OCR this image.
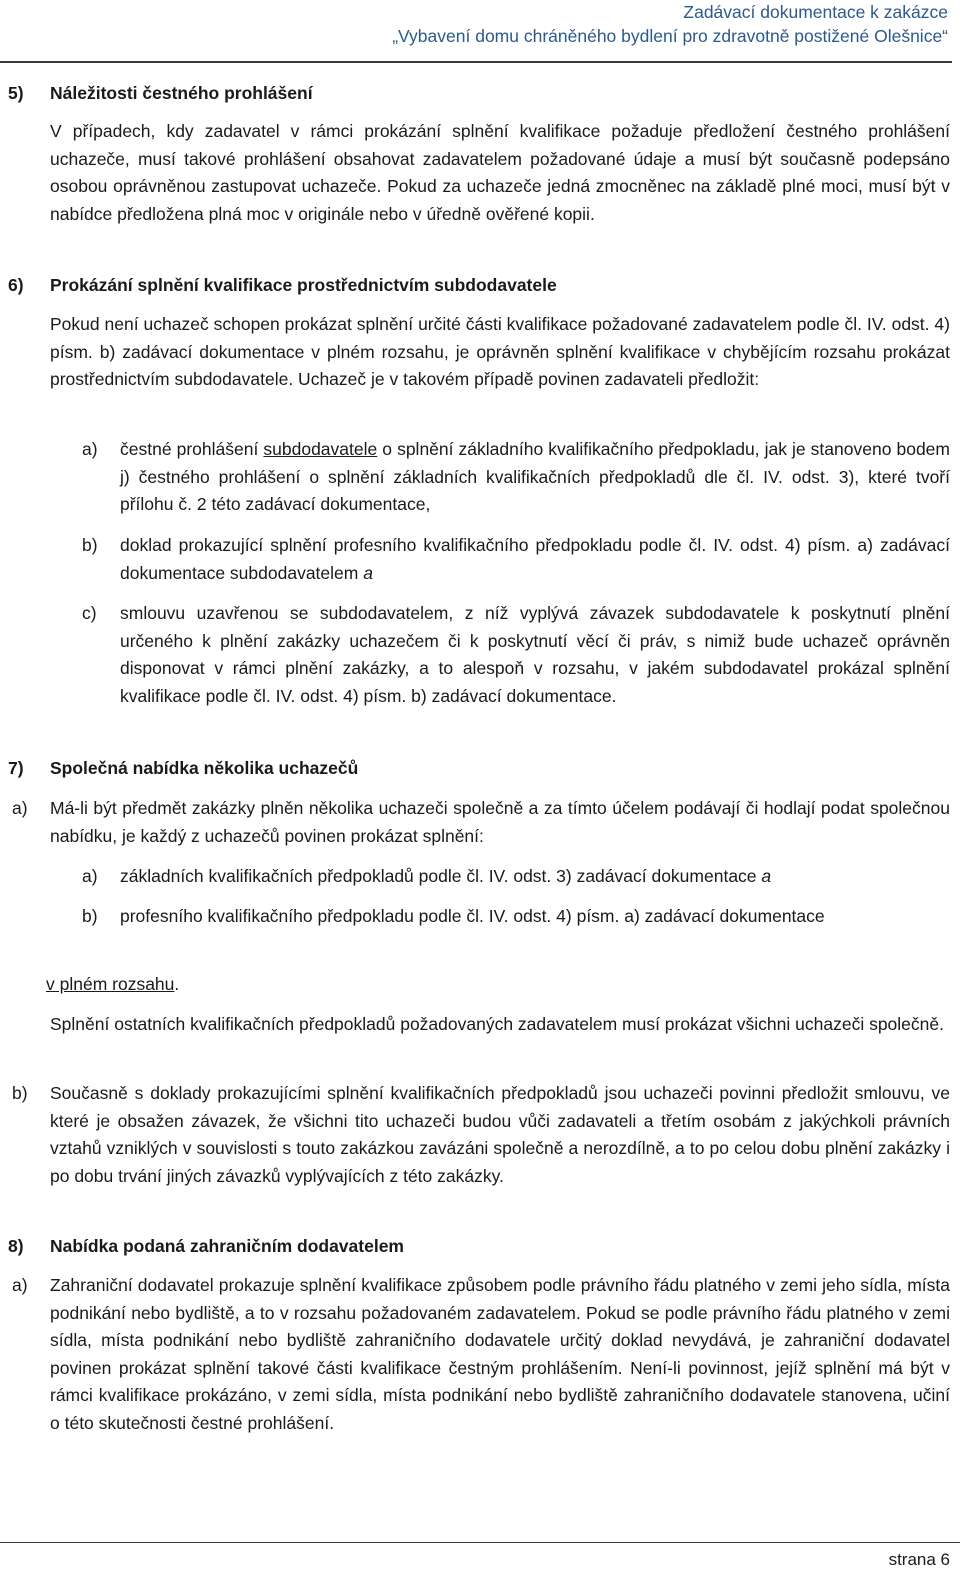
Zadávací dokumentace k zakázce
„Vybavení domu chráněného bydlení pro zdravotně postižené Olešnice“
5) Náležitosti čestného prohlášení

V případech, kdy zadavatel v rámci prokázání splnění kvalifikace požaduje předložení čestného prohlášení uchazeče, musí takové prohlášení obsahovat zadavatelem požadované údaje a musí být současně podepsáno osobou oprávněnou zastupovat uchazeče. Pokud za uchazeče jedná zmocněnec na základě plné moci, musí být v nabídce předložena plná moc v originále nebo v úředně ověřené kopii.

6) Prokázání splnění kvalifikace prostřednictvím subdodavatele

Pokud není uchazeč schopen prokázat splnění určité části kvalifikace požadované zadavatelem podle čl. IV. odst. 4) písm. b) zadávací dokumentace v plném rozsahu, je oprávněn splnění kvalifikace v chybějícím rozsahu prokázat prostřednictvím subdodavatele. Uchazeč je v takovém případě povinen zadavateli předložit:

a) čestné prohlášení subdodavatele o splnění základního kvalifikačního předpokladu, jak je stanoveno bodem j) čestného prohlášení o splnění základních kvalifikačních předpokladů dle čl. IV. odst. 3), které tvoří přílohu č. 2 této zadávací dokumentace,

b) doklad prokazující splnění profesního kvalifikačního předpokladu podle čl. IV. odst. 4) písm. a) zadávací dokumentace subdodavatelem a

c) smlouvu uzavřenou se subdodavatelem, z níž vyplývá závazek subdodavatele k poskytnutí plnění určeného k plnění zakázky uchazečem či k poskytnutí věcí či práv, s nimiž bude uchazeč oprávněn disponovat v rámci plnění zakázky, a to alespoň v rozsahu, v jakém subdodavatel prokázal splnění kvalifikace podle čl. IV. odst. 4) písm. b) zadávací dokumentace.

7) Společná nabídka několika uchazečů
a) Má-li být předmět zakázky plněn několika uchazeči společně a za tímto účelem podávají či hodlají podat společnou nabídku, je každý z uchazečů povinen prokázat splnění:

a) základních kvalifikačních předpokladů podle čl. IV. odst. 3) zadávací dokumentace a

b) profesního kvalifikačního předpokladu podle čl. IV. odst. 4) písm. a) zadávací dokumentace

v plném rozsahu.

Splnění ostatních kvalifikačních předpokladů požadovaných zadavatelem musí prokázat všichni uchazeči společně.

b) Současně s doklady prokazujícími splnění kvalifikačních předpokladů jsou uchazeči povinni předložit smlouvu, ve které je obsažen závazek, že všichni tito uchazeči budou vůči zadavateli a třetím osobám z jakýchkoli právních vztahů vzniklých v souvislosti s touto zakázkou zavázáni společně a nerozdílně, a to po celou dobu plnění zakázky i po dobu trvání jiných závazků vyplývajících z této zakázky.

8) Nabídka podaná zahraničním dodavatelem
a) Zahraniční dodavatel prokazuje splnění kvalifikace způsobem podle právního řádu platného v zemi jeho sídla, místa podnikání nebo bydliště, a to v rozsahu požadovaném zadavatelem. Pokud se podle právního řádu platného v zemi sídla, místa podnikání nebo bydliště zahraničního dodavatele určitý doklad nevydává, je zahraniční dodavatel povinen prokázat splnění takové části kvalifikace čestným prohlášením. Není-li povinnost, jejíž splnění má být v rámci kvalifikace prokázáno, v zemi sídla, místa podnikání nebo bydliště zahraničního dodavatele stanovena, učiní o této skutečnosti čestné prohlášení.

strana 6
